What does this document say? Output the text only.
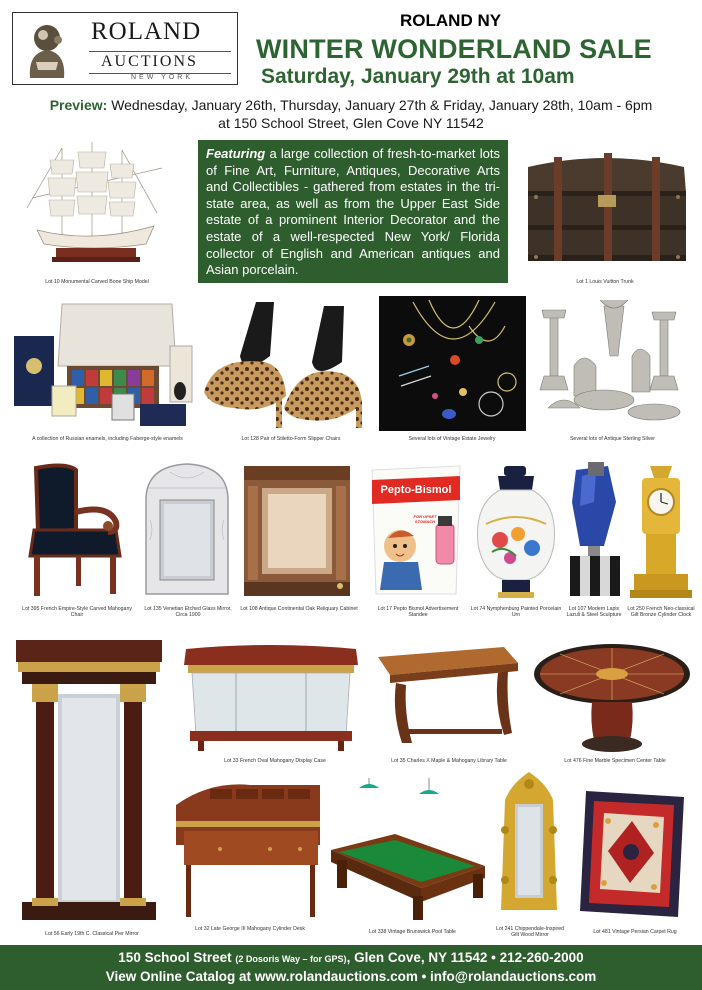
ROLAND
AUCTIONS
NEW YORK
ROLAND NY
WINTER WONDERLAND SALE
Saturday, January 29th at 10am
Preview: Wednesday, January 26th, Thursday, January 27th & Friday, January 28th, 10am - 6pm
at 150 School Street, Glen Cove NY 11542
Lot 10 Monumental Carved Bone Ship Model
Featuring a large collection of fresh-to-market lots of Fine Art, Furniture, Antiques, Decorative Arts and Collectibles - gathered from estates in the tri-state area, as well as from the Upper East Side estate of a prominent Interior Decorator and the estate of a well-respected New York/ Florida collector of English and American antiques and Asian porcelain.
Lot 1 Louis Vuitton Trunk
A collection of Russian enamels, including Faberge-style enamels	Lot 128 Pair of Stiletto-Form Slipper Chairs	Several lots of Vintage Estate Jewelry	Several lots of Antique Sterling Silver
Lot 395 French Empire-Style Carved Mahogany Chair
Lot 135 Venetian Etched Glass Mirror, Circa 1900
Lot 108 Antique Continental Oak Reliquary Cabinet
Pepto-Bismol
FOR UPSET STOMACH
Lot 17 Pepto Bismol Advertisement Standee
Lot 74 Nymphenburg Painted Porcelain Urn
Lot 107 Modern Lapis Lazuli & Steel Sculpture
Lot 250 French Neo-classical Gilt Bronze Cylinder Clock
Lot 56 Early 19th C. Classical Pier Mirror
Lot 33 French Oval Mahogany Display Case	Lot 35 Charles X Maple & Mahogany Library Table	Lot 476 Fine Marble Specimen Center Table
Lot 32 Late George III Mahogany Cylinder Desk	Lot 338 Vintage Brunswick Pool Table	Lot 241 Chippendale-Inspired Gilt Wood Mirror
Lot 481 Vintage Persian Carpet Rug
150 School Street (2 Dosoris Way – for GPS), Glen Cove, NY 11542 • 212-260-2000
View Online Catalog at www.rolandauctions.com • info@rolandauctions.com
